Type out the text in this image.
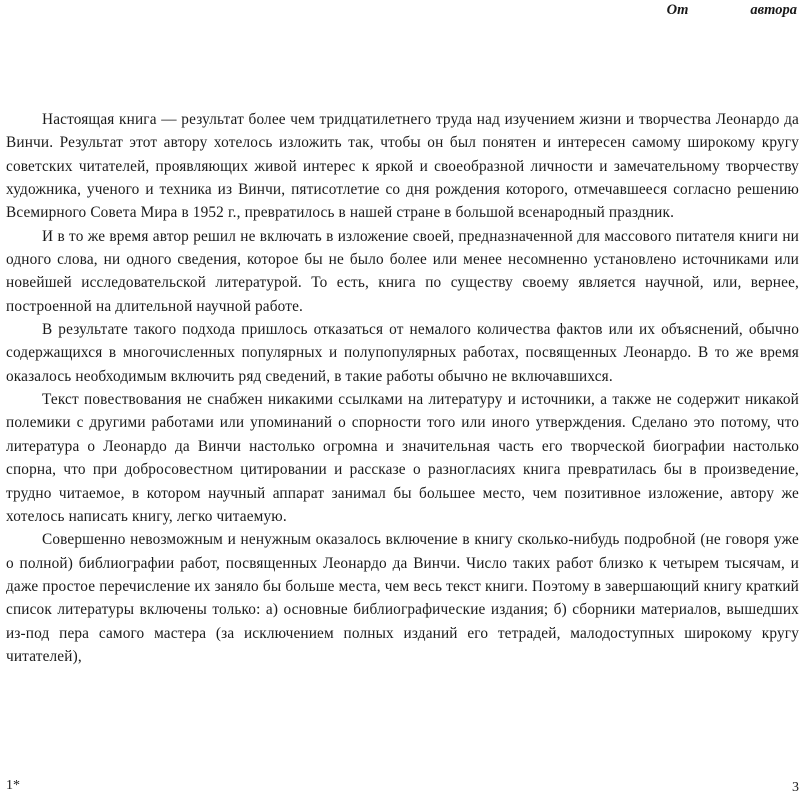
От	автора

Настоящая книга — результат более чем тридцатилетнего труда над изучением жизни и творчества Леонардо да Винчи. Результат этот автору хотелось изложить так, чтобы он был понятен и интересен самому широкому кругу советских читателей, проявляющих живой интерес к яркой и своеобразной личности и замечательному творчеству художника, ученого и техника из Винчи, пятисотлетие со дня рождения которого, отмечавшееся согласно решению Всемирного Совета Мира в 1952 г., превратилось в нашей стране в большой всенародный праздник.

И в то же время автор решил не включать в изложение своей, предназначенной для массового питателя книги ни одного слова, ни одного сведения, которое бы не было более или менее несомненно установлено источниками или новейшей исследовательской литературой. То есть, книга по существу своему является научной, или, вернее, построенной на длительной научной работе.

В результате такого подхода пришлось отказаться от немалого количества фактов или их объяснений, обычно содержащихся в многочисленных популярных и полупопулярных работах, посвященных Леонардо. В то же время оказалось необходимым включить ряд сведений, в такие работы обычно не включавшихся.

Текст повествования не снабжен никакими ссылками на литературу и источники, а также не содержит никакой полемики с другими работами или упоминаний о спорности того или иного утверждения. Сделано это потому, что литература о Леонардо да Винчи настолько огромна и значительная часть его творческой биографии настолько спорна, что при добросовестном цитировании и рассказе о разногласиях книга превратилась бы в произведение, трудно читаемое, в котором научный аппарат занимал бы большее место, чем позитивное изложение, автору же хотелось написать книгу, легко читаемую.

Совершенно невозможным и ненужным оказалось включение в книгу сколько-нибудь подробной (не говоря уже о полной) библиографии работ, посвященных Леонардо да Винчи. Число таких работ близко к четырем тысячам, и даже простое перечисление их заняло бы больше места, чем весь текст книги. Поэтому в завершающий книгу краткий список литературы включены только: а) основные библиографические издания; б) сборники материалов, вышедших из-под пера самого мастера (за исключением полных изданий его тетрадей, малодоступных широкому кругу читателей),

1*	3
